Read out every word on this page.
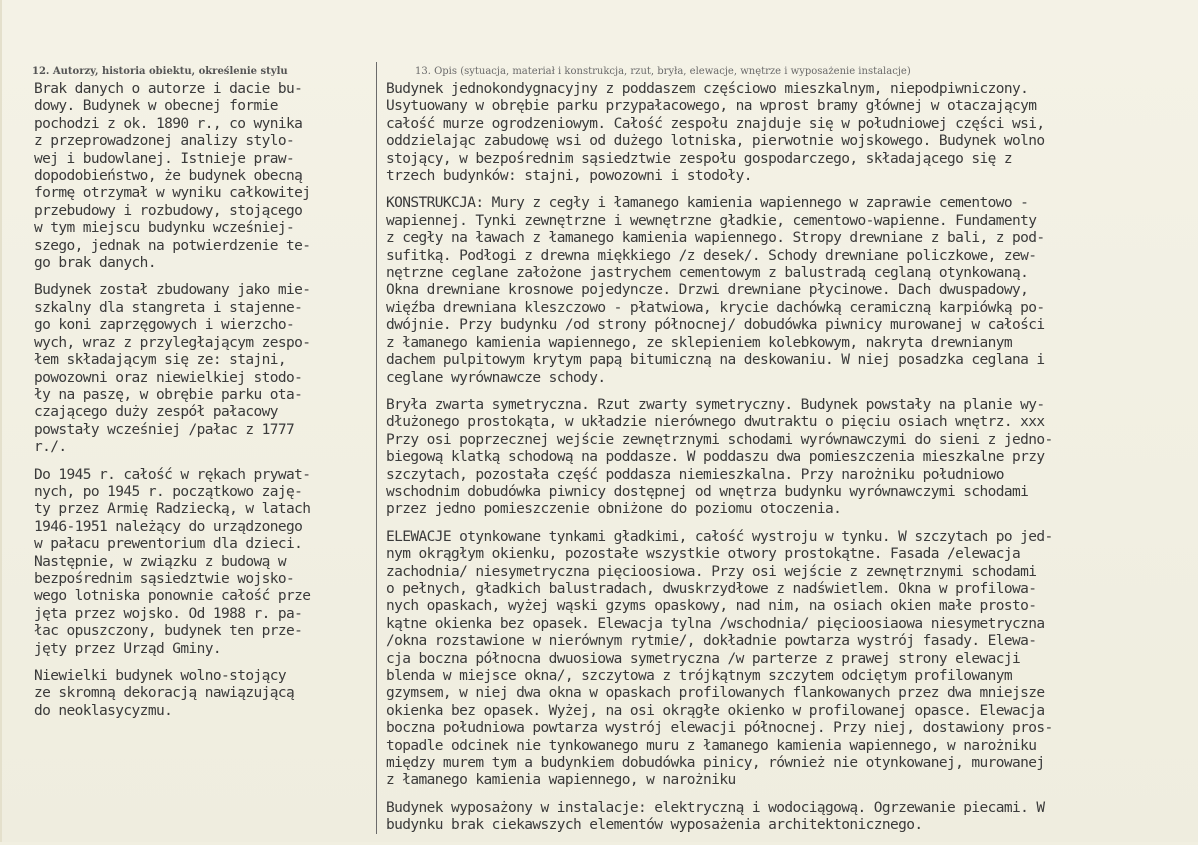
12. Autorzy, historia obiektu, określenie stylu	13. Opis (sytuacja, materiał i konstrukcja, rzut, bryła, elewacje, wnętrze i wyposażenie instalacje)

Brak danych o autorze i dacie bu-
dowy. Budynek w obecnej formie
pochodzi z ok. 1890 r., co wynika
z przeprowadzonej analizy stylo-
wej i budowlanej. Istnieje praw-
dopodobieństwo, że budynek obecną
formę otrzymał w wyniku całkowitej
przebudowy i rozbudowy, stojącego
w tym miejscu budynku wcześniej-
szego, jednak na potwierdzenie te-
go brak danych.

Budynek został zbudowany jako mie-
szkalny dla stangreta i stajenne-
go koni zaprzęgowych i wierzcho-
wych, wraz z przyległającym zespo-
łem składającym się ze: stajni,
powozowni oraz niewielkiej stodo-
ły na paszę, w obrębie parku ota-
czającego duży zespół pałacowy
powstały wcześniej /pałac z 1777
r./.

Do 1945 r. całość w rękach prywat-
nych, po 1945 r. początkowo zaję-
ty przez Armię Radziecką, w latach
1946-1951 należący do urządzonego
w pałacu prewentorium dla dzieci.
Następnie, w związku z budową w
bezpośrednim sąsiedztwie wojsko-
wego lotniska ponownie całość prze
jęta przez wojsko. Od 1988 r. pa-
łac opuszczony, budynek ten prze-
jęty przez Urząd Gminy.

Niewielki budynek wolno-stojący
ze skromną dekoracją nawiązującą
do neoklasycyzmu.

Budynek jednokondygnacyjny z poddaszem częściowo mieszkalnym, niepodpiwniczony.
Usytuowany w obrębie parku przypałacowego, na wprost bramy głównej w otaczającym
całość murze ogrodzeniowym. Całość zespołu znajduje się w południowej części wsi,
oddzielając zabudowę wsi od dużego lotniska, pierwotnie wojskowego. Budynek wolno
stojący, w bezpośrednim sąsiedztwie zespołu gospodarczego, składającego się z
trzech budynków: stajni, powozowni i stodoły.

KONSTRUKCJA: Mury z cegły i łamanego kamienia wapiennego w zaprawie cementowo -
wapiennej. Tynki zewnętrzne i wewnętrzne gładkie, cementowo-wapienne. Fundamenty
z cegły na ławach z łamanego kamienia wapiennego. Stropy drewniane z bali, z pod-
sufitką. Podłogi z drewna miękkiego /z desek/. Schody drewniane policzkowe, zew-
nętrzne ceglane założone jastrychem cementowym z balustradą ceglaną otynkowaną.
Okna drewniane krosnowe pojedyncze. Drzwi drewniane płycinowe. Dach dwuspadowy,
więźba drewniana kleszczowo - płatwiowa, krycie dachówką ceramiczną karpiówką po-
dwójnie. Przy budynku /od strony północnej/ dobudówka piwnicy murowanej w całości
z łamanego kamienia wapiennego, ze sklepieniem kolebkowym, nakryta drewnianym
dachem pulpitowym krytym papą bitumiczną na deskowaniu. W niej posadzka ceglana i
ceglane wyrównawcze schody.

Bryła zwarta symetryczna. Rzut zwarty symetryczny. Budynek powstały na planie wy-
dłużonego prostokąta, w układzie nierównego dwutraktu o pięciu osiach wnętrz. xxx
Przy osi poprzecznej wejście zewnętrznymi schodami wyrównawczymi do sieni z jedno-
biegową klatką schodową na poddasze. W poddaszu dwa pomieszczenia mieszkalne przy
szczytach, pozostała część poddasza niemieszkalna. Przy narożniku południowo
wschodnim dobudówka piwnicy dostępnej od wnętrza budynku wyrównawczymi schodami
przez jedno pomieszczenie obniżone do poziomu otoczenia.

ELEWACJE otynkowane tynkami gładkimi, całość wystroju w tynku. W szczytach po jed-
nym okrągłym okienku, pozostałe wszystkie otwory prostokątne. Fasada /elewacja
zachodnia/ niesymetryczna pięcioosiowa. Przy osi wejście z zewnętrznymi schodami
o pełnych, gładkich balustradach, dwuskrzydłowe z nadświetlem. Okna w profilowa-
nych opaskach, wyżej wąski gzyms opaskowy, nad nim, na osiach okien małe prosto-
kątne okienka bez opasek. Elewacja tylna /wschodnia/ pięcioosiaowa niesymetryczna
/okna rozstawione w nierównym rytmie/, dokładnie powtarza wystrój fasady. Elewa-
cja boczna północna dwuosiowa symetryczna /w parterze z prawej strony elewacji
blenda w miejsce okna/, szczytowa z trójkątnym szczytem odciętym profilowanym
gzymsem, w niej dwa okna w opaskach profilowanych flankowanych przez dwa mniejsze
okienka bez opasek. Wyżej, na osi okrągłe okienko w profilowanej opasce. Elewacja
boczna południowa powtarza wystrój elewacji północnej. Przy niej, dostawiony pros-
topadle odcinek nie tynkowanego muru z łamanego kamienia wapiennego, w narożniku
między murem tym a budynkiem dobudówka pinicy, również nie otynkowanej, murowanej
z łamanego kamienia wapiennego, w narożniku

Budynek wyposażony w instalacje: elektryczną i wodociągową. Ogrzewanie piecami. W
budynku brak ciekawszych elementów wyposażenia architektonicznego.
